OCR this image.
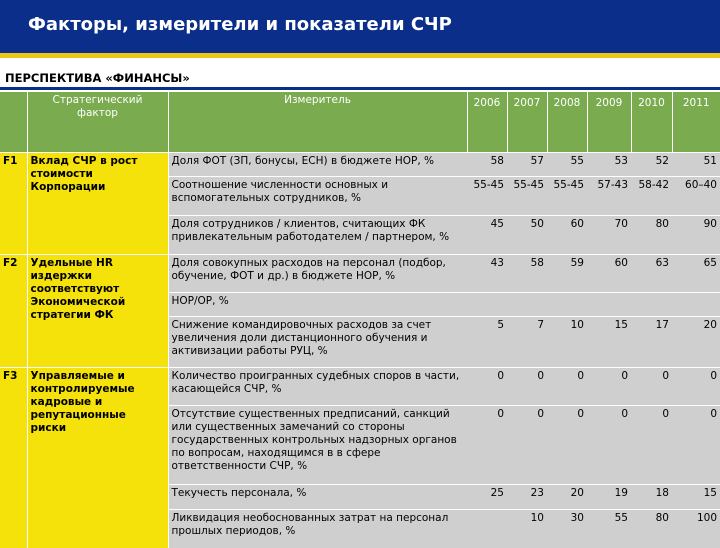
Факторы, измерители и показатели СЧР
ПЕРСПЕКТИВА «ФИНАНСЫ»
	Стратегический фактор	Измеритель	2006	2007	2008	2009	2010	2011
F1	Вклад СЧР в рост стоимости Корпорации	Доля ФОТ (ЗП, бонусы, ЕСН) в бюджете НОР, %	58	57	55	53	52	51
		Соотношение численности основных и вспомогательных сотрудников, %	55-45	55-45	55-45	57-43	58-42	60–40
		Доля сотрудников / клиентов, считающих ФК привлекательным работодателем / партнером, %	45	50	60	70	80	90
F2	Удельные HR издержки соответствуют Экономической стратегии ФК	Доля совокупных расходов на персонал (подбор, обучение, ФОТ и др.) в бюджете НОР, %	43	58	59	60	63	65
		НОР/ОР, %						
		Снижение командировочных расходов за счет увеличения доли дистанционного обучения и активизации работы РУЦ, %	5	7	10	15	17	20
F3	Управляемые и контролируемые кадровые и репутационные риски	Количество проигранных судебных споров в части, касающейся СЧР, %	0	0	0	0	0	0
		Отсутствие существенных предписаний, санкций или существенных замечаний со стороны государственных контрольных надзорных органов по вопросам, находящимся в в сфере ответственности СЧР, %	0	0	0	0	0	0
		Текучесть персонала, %	25	23	20	19	18	15
		Ликвидация необоснованных затрат на персонал прошлых периодов, %		10	30	55	80	100
